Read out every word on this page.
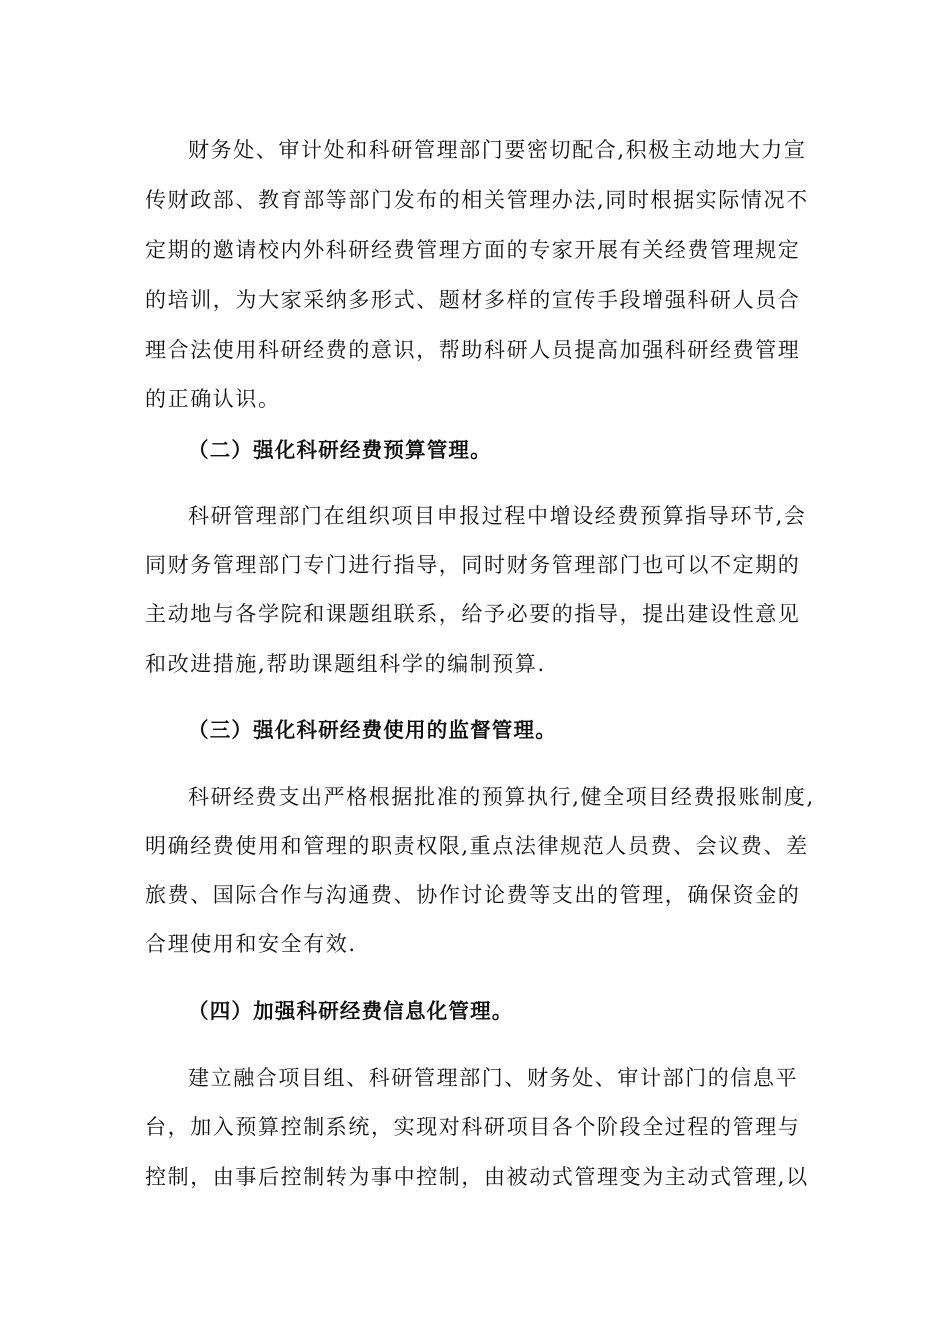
财务处、审计处和科研管理部门要密切配合,积极主动地大力宣
传财政部、教育部等部门发布的相关管理办法,同时根据实际情况不
定期的邀请校内外科研经费管理方面的专家开展有关经费管理规定
的培训，为大家采纳多形式、题材多样的宣传手段增强科研人员合
理合法使用科研经费的意识，帮助科研人员提高加强科研经费管理
的正确认识。
（二）强化科研经费预算管理。
科研管理部门在组织项目申报过程中增设经费预算指导环节,会
同财务管理部门专门进行指导，同时财务管理部门也可以不定期的
主动地与各学院和课题组联系，给予必要的指导，提出建设性意见
和改进措施,帮助课题组科学的编制预算.
（三）强化科研经费使用的监督管理。
科研经费支出严格根据批准的预算执行,健全项目经费报账制度,
明确经费使用和管理的职责权限,重点法律规范人员费、会议费、差
旅费、国际合作与沟通费、协作讨论费等支出的管理，确保资金的
合理使用和安全有效.
（四）加强科研经费信息化管理。
建立融合项目组、科研管理部门、财务处、审计部门的信息平
台，加入预算控制系统，实现对科研项目各个阶段全过程的管理与
控制，由事后控制转为事中控制，由被动式管理变为主动式管理,以
